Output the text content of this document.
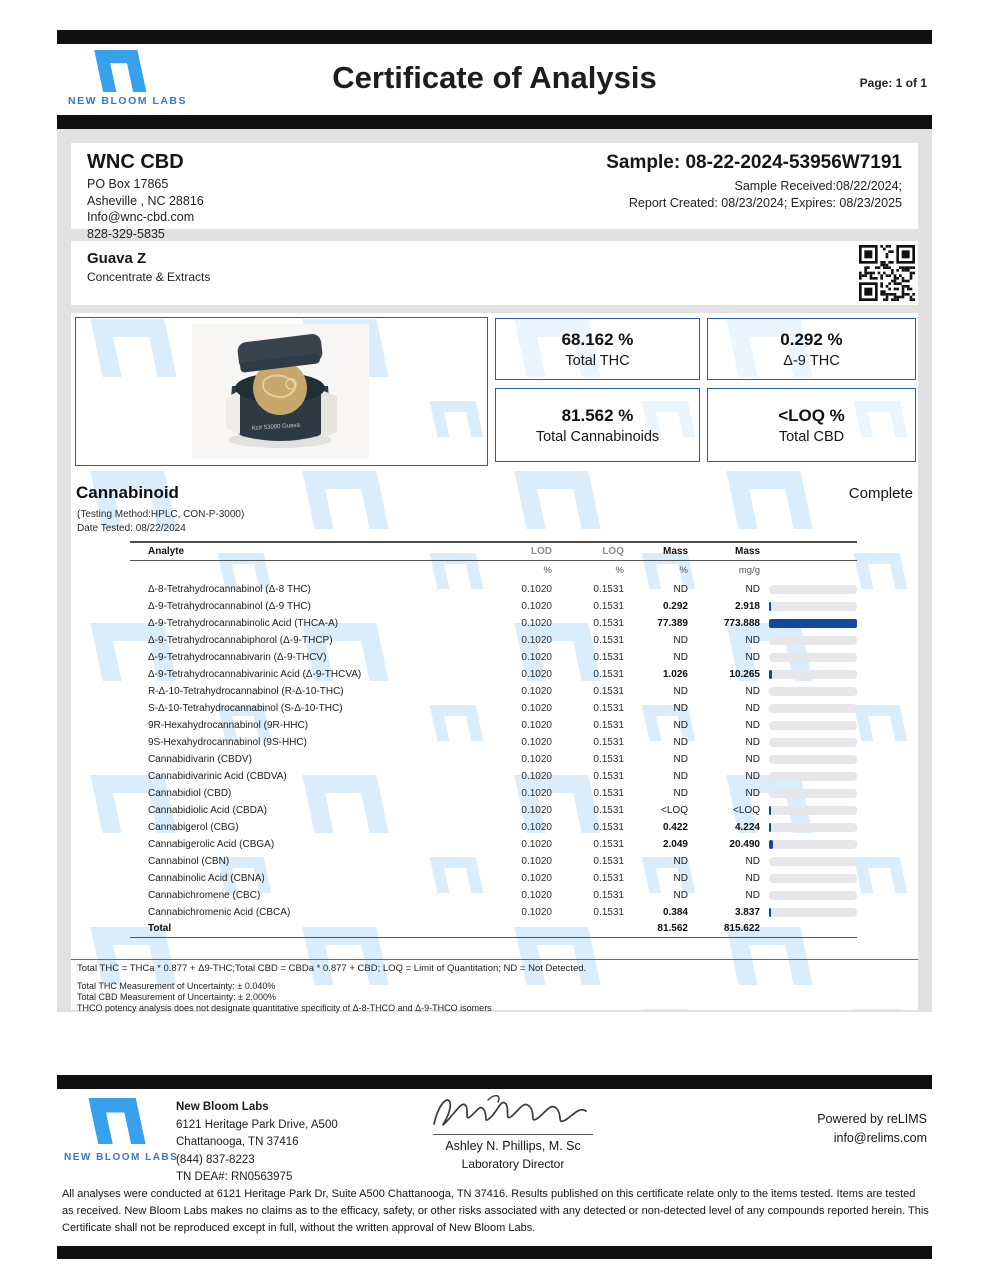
NEW BLOOM LABS
Certificate of Analysis	Page: 1 of 1
WNC CBD
PO Box 17865
Asheville , NC 28816
Info@wnc-cbd.com
828-329-5835
Sample: 08-22-2024-53956W7191
Sample Received:08/22/2024;
Report Created: 08/23/2024; Expires: 08/23/2025
Guava Z
Concentrate & Extracts
Kc# 53000 Guava
68.162 %
Total THC
0.292 %
Δ-9 THC
81.562 %
Total Cannabinoids
<LOQ %
Total CBD
Cannabinoid	Complete
(Testing Method:HPLC, CON-P-3000)
Date Tested: 08/22/2024
Analyte	LOD	LOQ	Mass	Mass	
	%	%	%	mg/g	
Δ-8-Tetrahydrocannabinol (Δ-8 THC)	0.1020	0.1531	ND	ND	

Δ-9-Tetrahydrocannabinol (Δ-9 THC)	0.1020	0.1531	0.292	2.918	

Δ-9-Tetrahydrocannabinolic Acid (THCA-A)	0.1020	0.1531	77.389	773.888	

Δ-9-Tetrahydrocannabiphorol (Δ-9-THCP)	0.1020	0.1531	ND	ND	

Δ-9-Tetrahydrocannabivarin (Δ-9-THCV)	0.1020	0.1531	ND	ND	

Δ-9-Tetrahydrocannabivarinic Acid (Δ-9-THCVA)	0.1020	0.1531	1.026	10.265	

R-Δ-10-Tetrahydrocannabinol (R-Δ-10-THC)	0.1020	0.1531	ND	ND	

S-Δ-10-Tetrahydrocannabinol (S-Δ-10-THC)	0.1020	0.1531	ND	ND	

9R-Hexahydrocannabinol (9R-HHC)	0.1020	0.1531	ND	ND	

9S-Hexahydrocannabinol (9S-HHC)	0.1020	0.1531	ND	ND	

Cannabidivarin (CBDV)	0.1020	0.1531	ND	ND	

Cannabidivarinic Acid (CBDVA)	0.1020	0.1531	ND	ND	

Cannabidiol (CBD)	0.1020	0.1531	ND	ND	

Cannabidiolic Acid (CBDA)	0.1020	0.1531	<LOQ	<LOQ	

Cannabigerol (CBG)	0.1020	0.1531	0.422	4.224	

Cannabigerolic Acid (CBGA)	0.1020	0.1531	2.049	20.490	

Cannabinol (CBN)	0.1020	0.1531	ND	ND	

Cannabinolic Acid (CBNA)	0.1020	0.1531	ND	ND	

Cannabichromene (CBC)	0.1020	0.1531	ND	ND	

Cannabichromenic Acid (CBCA)	0.1020	0.1531	0.384	3.837	

Total			81.562	815.622	
Total THC = THCa * 0.877 + Δ9-THC;Total CBD = CBDa * 0.877 + CBD; LOQ = Limit of Quantitation; ND = Not Detected.
Total THC Measurement of Uncertainty: ± 0.040%
Total CBD Measurement of Uncertainty: ± 2.000%
THCO potency analysis does not designate quantitative specificity of Δ-8-THCO and Δ-9-THCO isomers
NEW BLOOM LABS
New Bloom Labs
6121 Heritage Park Drive, A500
Chattanooga, TN 37416
(844) 837-8223
TN DEA#: RN0563975
Ashley N. Phillips, M. Sc
Laboratory Director
Powered by reLIMS
info@relims.com
All analyses were conducted at 6121 Heritage Park Dr, Suite A500 Chattanooga, TN 37416. Results published on this certificate relate only to the items tested. Items are tested as received. New Bloom Labs makes no claims as to the efficacy, safety, or other risks associated with any detected or non-detected level of any compounds reported herein. This Certificate shall not be reproduced except in full, without the written approval of New Bloom Labs.
